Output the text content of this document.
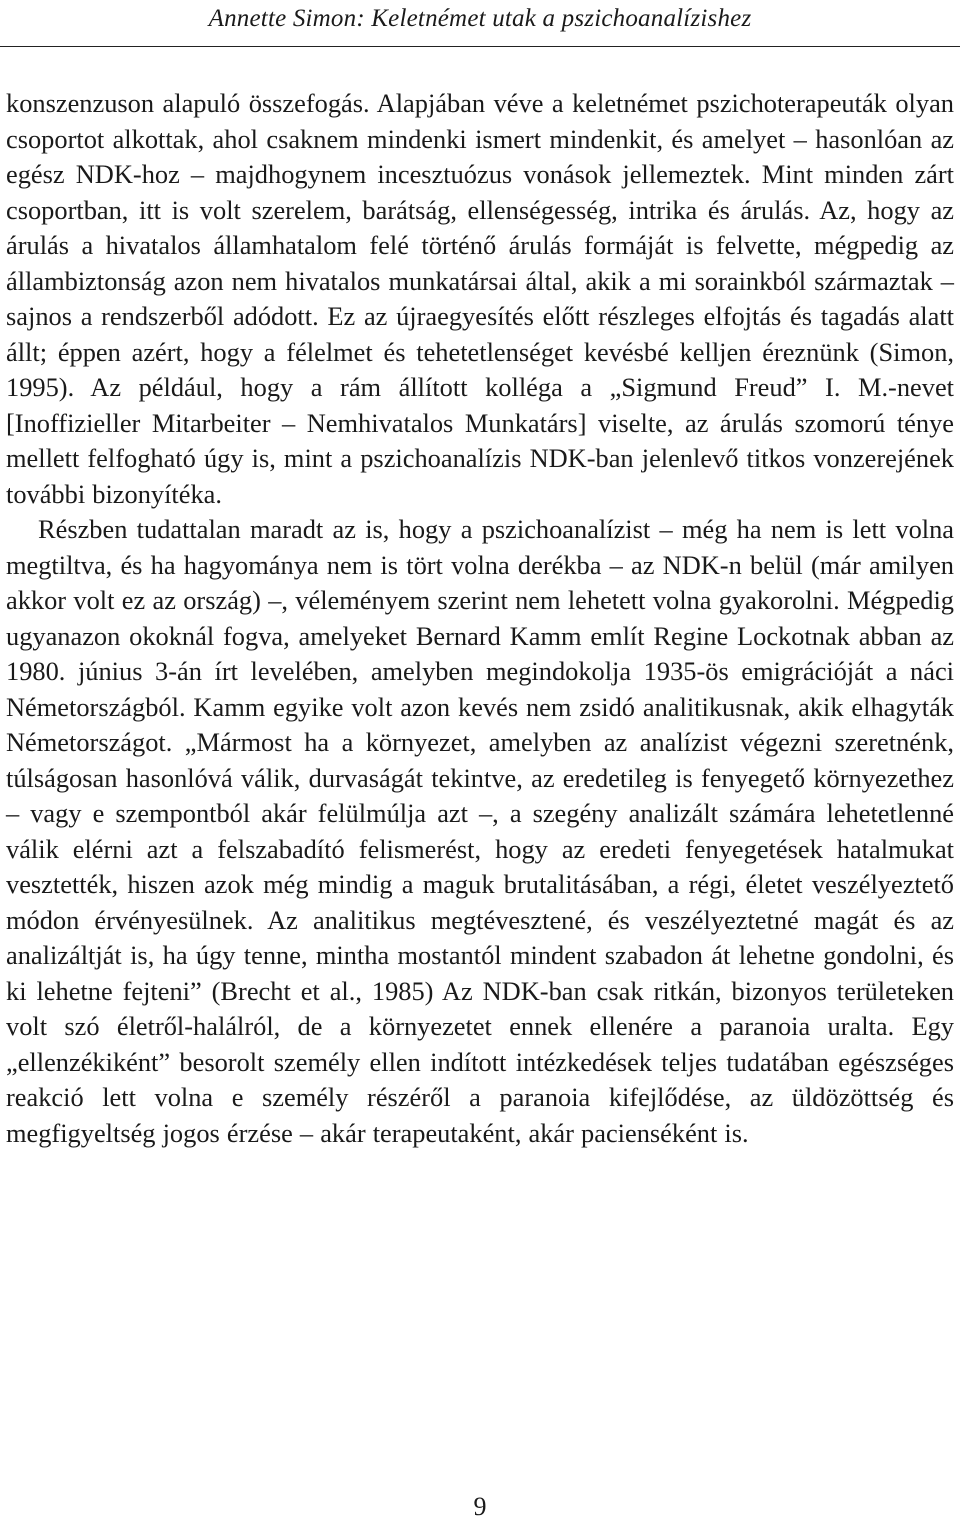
Annette Simon: Keletnémet utak a pszichoanalízishez

konszenzuson alapuló összefogás. Alapjában véve a keletnémet pszichoterapeuták olyan csoportot alkottak, ahol csaknem mindenki ismert mindenkit, és amelyet – hasonlóan az egész NDK-hoz – majdhogynem incesztuózus vonások jellemeztek. Mint minden zárt csoportban, itt is volt szerelem, barátság, ellenségesség, intrika és árulás. Az, hogy az árulás a hivatalos államhatalom felé történő árulás formáját is felvette, mégpedig az állambiztonság azon nem hivatalos munkatársai által, akik a mi sorainkból származtak – sajnos a rendszerből adódott. Ez az újraegyesítés előtt részleges elfojtás és tagadás alatt állt; éppen azért, hogy a félelmet és tehetetlenséget kevésbé kelljen éreznünk (Simon, 1995). Az például, hogy a rám állított kolléga a „Sigmund Freud” I. M.-nevet [Inoffizieller Mitarbeiter – Nemhivatalos Munkatárs] viselte, az árulás szomorú ténye mellett felfogható úgy is, mint a pszichoanalízis NDK-ban jelenlevő titkos vonzerejének további bizonyítéka.

Részben tudattalan maradt az is, hogy a pszichoanalízist – még ha nem is lett volna megtiltva, és ha hagyománya nem is tört volna derékba – az NDK-n belül (már amilyen akkor volt ez az ország) –, véleményem szerint nem lehetett volna gyakorolni. Mégpedig ugyanazon okoknál fogva, amelyeket Bernard Kamm említ Regine Lockotnak abban az 1980. június 3-án írt levelében, amelyben megindokolja 1935-ös emigrációját a náci Németországból. Kamm egyike volt azon kevés nem zsidó analitikusnak, akik elhagyták Németországot. „Mármost ha a környezet, amelyben az analízist végezni szeretnénk, túlságosan hasonlóvá válik, durvaságát tekintve, az eredetileg is fenyegető környezethez – vagy e szempontból akár felülmúlja azt –, a szegény analizált számára lehetetlenné válik elérni azt a felszabadító felismerést, hogy az eredeti fenyegetések hatalmukat vesztették, hiszen azok még mindig a maguk brutalitásában, a régi, életet veszélyeztető módon érvényesülnek. Az analitikus megtévesztené, és veszélyeztetné magát és az analizáltját is, ha úgy tenne, mintha mostantól mindent szabadon át lehetne gondolni, és ki lehetne fejteni” (Brecht et al., 1985) Az NDK-ban csak ritkán, bizonyos területeken volt szó életről-halálról, de a környezetet ennek ellenére a paranoia uralta. Egy „ellenzékiként” besorolt személy ellen indított intézkedések teljes tudatában egészséges reakció lett volna e személy részéről a paranoia kifejlődése, az üldözöttség és megfigyeltség jogos érzése – akár terapeutaként, akár pacienséként is.

9
